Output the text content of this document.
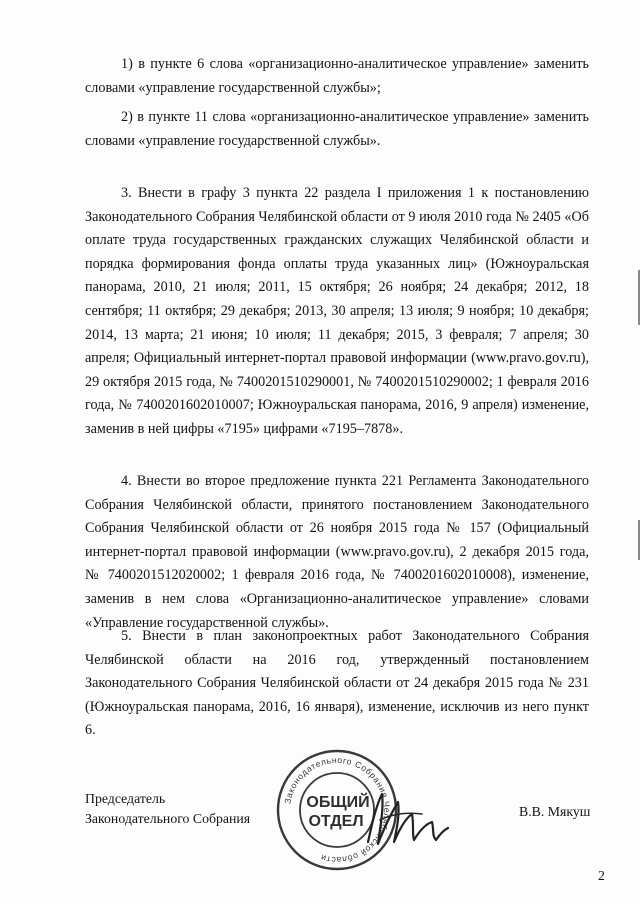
1) в пункте 6 слова «организационно-аналитическое управление» заменить словами «управление государственной службы»;

2) в пункте 11 слова «организационно-аналитическое управление» заменить словами «управление государственной службы».

3. Внести в графу 3 пункта 22 раздела I приложения 1 к постановлению Законодательного Собрания Челябинской области от 9 июля 2010 года № 2405 «Об оплате труда государственных гражданских служащих Челябинской области и порядка формирования фонда оплаты труда указанных лиц» (Южноуральская панорама, 2010, 21 июля; 2011, 15 октября; 26 ноября; 24 декабря; 2012, 18 сентября; 11 октября; 29 декабря; 2013, 30 апреля; 13 июля; 9 ноября; 10 декабря; 2014, 13 марта; 21 июня; 10 июля; 11 декабря; 2015, 3 февраля; 7 апреля; 30 апреля; Официальный интернет-портал правовой информации (www.pravo.gov.ru), 29 октября 2015 года, № 7400201510290001, № 7400201510290002; 1 февраля 2016 года, № 7400201602010007; Южноуральская панорама, 2016, 9 апреля) изменение, заменив в ней цифры «7195» цифрами «7195–7878».

4. Внести во второе предложение пункта 221 Регламента Законодательного Собрания Челябинской области, принятого постановлением Законодательного Собрания Челябинской области от 26 ноября 2015 года № 157 (Официальный интернет-портал правовой информации (www.pravo.gov.ru), 2 декабря 2015 года, № 7400201512020002; 1 февраля 2016 года, № 7400201602010008), изменение, заменив в нем слова «Организационно-аналитическое управление» словами «Управление государственной службы».

5. Внести в план законопроектных работ Законодательного Собрания Челябинской области на 2016 год, утвержденный постановлением Законодательного Собрания Челябинской области от 24 декабря 2015 года № 231 (Южноуральская панорама, 2016, 16 января), изменение, исключив из него пункт 6.

Председатель
Законодательного Собрания
Законодательного Собрания Челябинской области
ОБЩИЙ
ОТДЕЛ
В.В. Мякуш
2
